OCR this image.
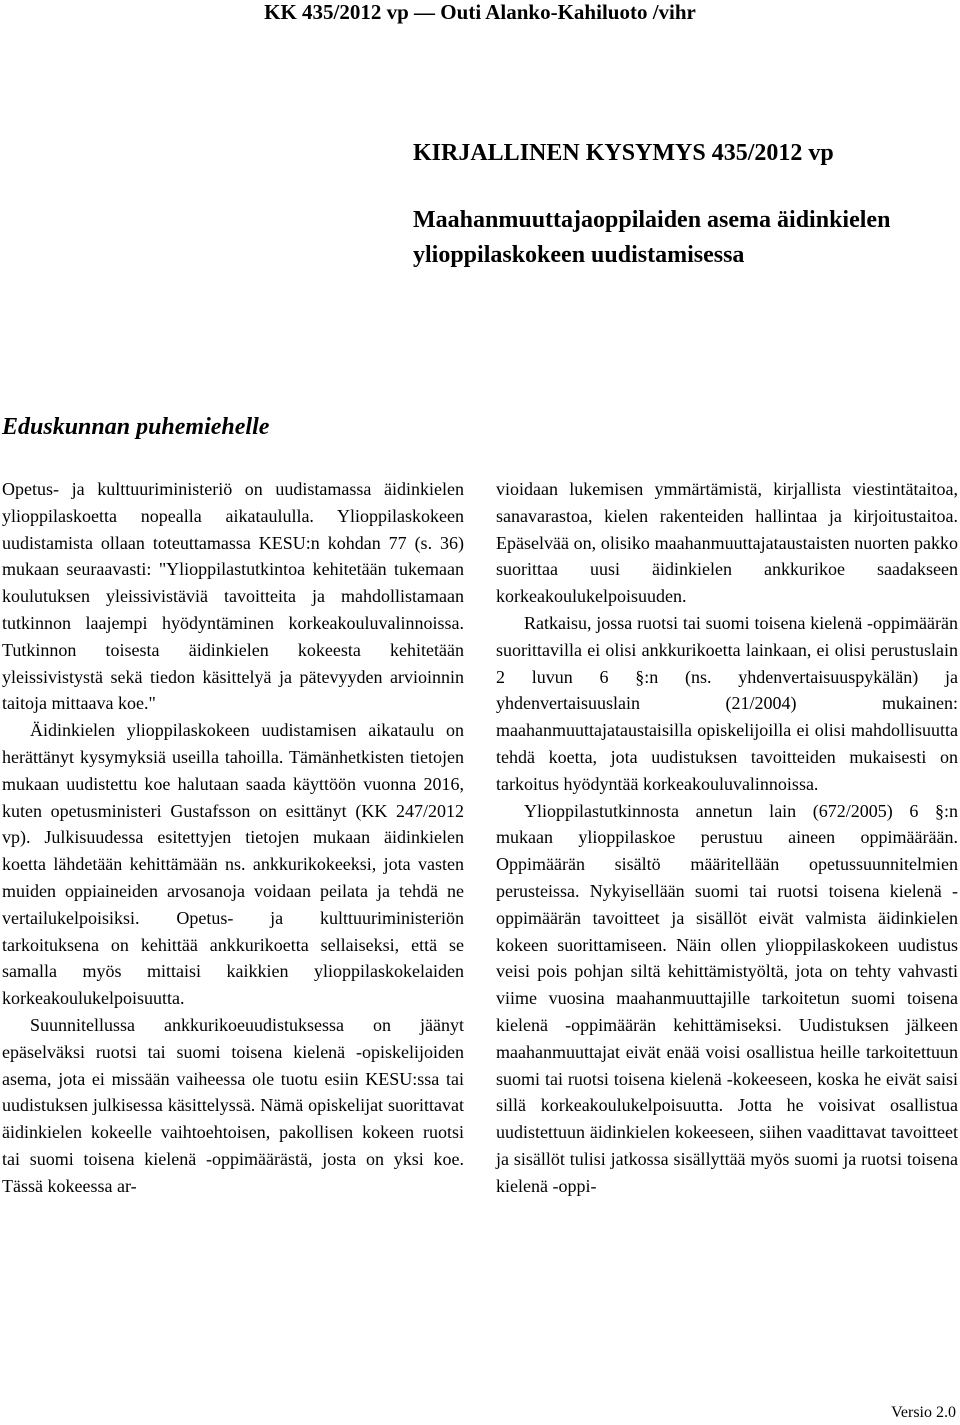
KK 435/2012 vp — Outi Alanko-Kahiluoto /vihr
KIRJALLINEN KYSYMYS 435/2012 vp
Maahanmuuttajaoppilaiden asema äidinkielen
ylioppilaskokeen uudistamisessa
Eduskunnan puhemiehelle

Opetus- ja kulttuuriministeriö on uudistamassa äidinkielen ylioppilaskoetta nopealla aikataululla. Ylioppilaskokeen uudistamista ollaan toteuttamassa KESU:n kohdan 77 (s. 36) mukaan seuraavasti: "Ylioppilastutkintoa kehitetään tukemaan koulutuksen yleissivistäviä tavoitteita ja mahdollistamaan tutkinnon laajempi hyödyntäminen korkeakouluvalinnoissa. Tutkinnon toisesta äidinkielen kokeesta kehitetään yleissivistystä sekä tiedon käsittelyä ja pätevyyden arvioinnin taitoja mittaava koe."

Äidinkielen ylioppilaskokeen uudistamisen aikataulu on herättänyt kysymyksiä useilla tahoilla. Tämänhetkisten tietojen mukaan uudistettu koe halutaan saada käyttöön vuonna 2016, kuten opetusministeri Gustafsson on esittänyt (KK 247/2012 vp). Julkisuudessa esitettyjen tietojen mukaan äidinkielen koetta lähdetään kehittämään ns. ankkurikokeeksi, jota vasten muiden oppiaineiden arvosanoja voidaan peilata ja tehdä ne vertailukelpoisiksi. Opetus- ja kulttuuriministeriön tarkoituksena on kehittää ankkurikoetta sellaiseksi, että se samalla myös mittaisi kaikkien ylioppilaskokelaiden korkeakoulukelpoisuutta.

Suunnitellussa ankkurikoeuudistuksessa on jäänyt epäselväksi ruotsi tai suomi toisena kielenä -opiskelijoiden asema, jota ei missään vaiheessa ole tuotu esiin KESU:ssa tai uudistuksen julkisessa käsittelyssä. Nämä opiskelijat suorittavat äidinkielen kokeelle vaihtoehtoisen, pakollisen kokeen ruotsi tai suomi toisena kielenä -oppimäärästä, josta on yksi koe. Tässä kokeessa ar-

vioidaan lukemisen ymmärtämistä, kirjallista viestintätaitoa, sanavarastoa, kielen rakenteiden hallintaa ja kirjoitustaitoa. Epäselvää on, olisiko maahanmuuttajataustaisten nuorten pakko suorittaa uusi äidinkielen ankkurikoe saadakseen korkeakoulukelpoisuuden.

Ratkaisu, jossa ruotsi tai suomi toisena kielenä -oppimäärän suorittavilla ei olisi ankkurikoetta lainkaan, ei olisi perustuslain 2 luvun 6 §:n (ns. yhdenvertaisuuspykälän) ja yhdenvertaisuuslain (21/2004) mukainen: maahanmuuttajataustaisilla opiskelijoilla ei olisi mahdollisuutta tehdä koetta, jota uudistuksen tavoitteiden mukaisesti on tarkoitus hyödyntää korkeakouluvalinnoissa.

Ylioppilastutkinnosta annetun lain (672/2005) 6 §:n mukaan ylioppilaskoe perustuu aineen oppimäärään. Oppimäärän sisältö määritellään opetussuunnitelmien perusteissa. Nykyisellään suomi tai ruotsi toisena kielenä -oppimäärän tavoitteet ja sisällöt eivät valmista äidinkielen kokeen suorittamiseen. Näin ollen ylioppilaskokeen uudistus veisi pois pohjan siltä kehittämistyöltä, jota on tehty vahvasti viime vuosina maahanmuuttajille tarkoitetun suomi toisena kielenä -oppimäärän kehittämiseksi. Uudistuksen jälkeen maahanmuuttajat eivät enää voisi osallistua heille tarkoitettuun suomi tai ruotsi toisena kielenä -kokeeseen, koska he eivät saisi sillä korkeakoulukelpoisuutta. Jotta he voisivat osallistua uudistettuun äidinkielen kokeeseen, siihen vaadittavat tavoitteet ja sisällöt tulisi jatkossa sisällyttää myös suomi ja ruotsi toisena kielenä -oppi-

Versio 2.0
